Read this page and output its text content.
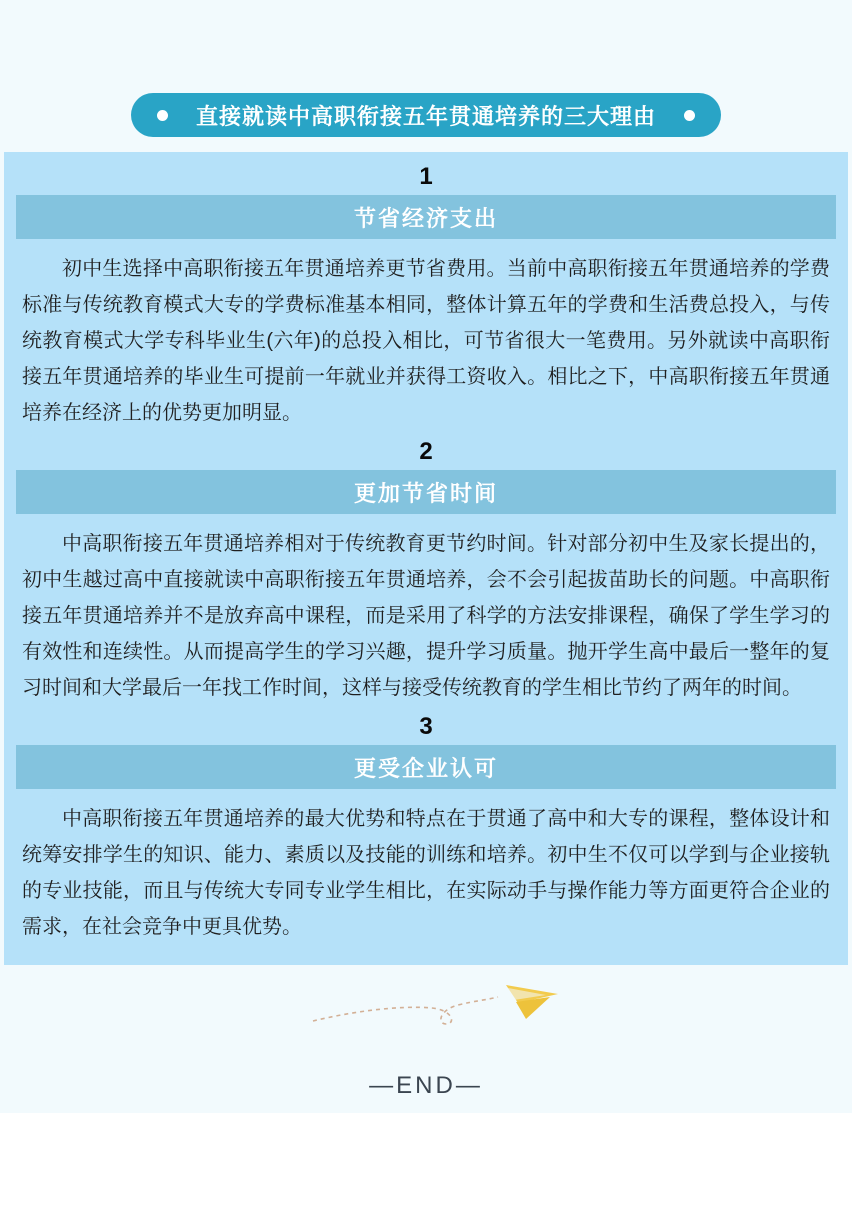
直接就读中高职衔接五年贯通培养的三大理由
1
节省经济支出

初中生选择中高职衔接五年贯通培养更节省费用。当前中高职衔接五年贯通培养的学费标准与传统教育模式大专的学费标准基本相同，整体计算五年的学费和生活费总投入，与传统教育模式大学专科毕业生(六年)的总投入相比，可节省很大一笔费用。另外就读中高职衔接五年贯通培养的毕业生可提前一年就业并获得工资收入。相比之下，中高职衔接五年贯通培养在经济上的优势更加明显。

2
更加节省时间

中高职衔接五年贯通培养相对于传统教育更节约时间。针对部分初中生及家长提出的，初中生越过高中直接就读中高职衔接五年贯通培养，会不会引起拔苗助长的问题。中高职衔接五年贯通培养并不是放弃高中课程，而是采用了科学的方法安排课程，确保了学生学习的有效性和连续性。从而提高学生的学习兴趣，提升学习质量。抛开学生高中最后一整年的复习时间和大学最后一年找工作时间，这样与接受传统教育的学生相比节约了两年的时间。

3
更受企业认可

中高职衔接五年贯通培养的最大优势和特点在于贯通了高中和大专的课程，整体设计和统筹安排学生的知识、能力、素质以及技能的训练和培养。初中生不仅可以学到与企业接轨的专业技能，而且与传统大专同专业学生相比，在实际动手与操作能力等方面更符合企业的需求，在社会竞争中更具优势。

—END—
